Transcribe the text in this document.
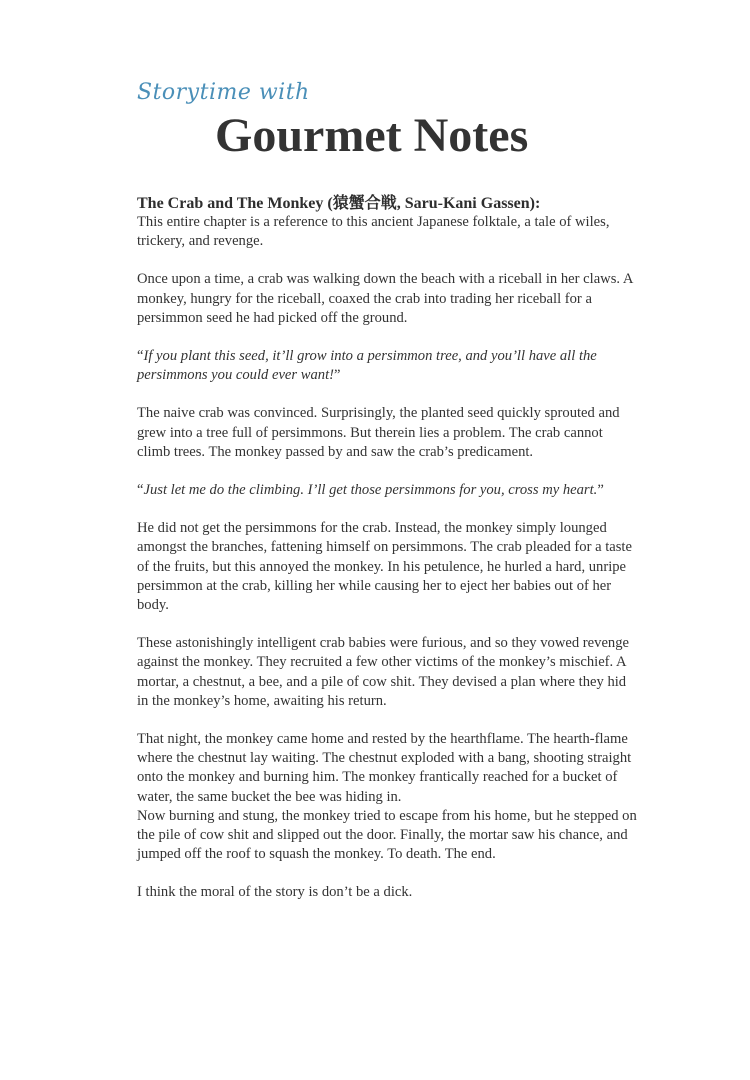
Storytime with
Gourmet Notes
The Crab and The Monkey (猿蟹合戦, Saru-Kani Gassen):

This entire chapter is a reference to this ancient Japanese folktale, a tale of wiles, trickery, and revenge.

Once upon a time, a crab was walking down the beach with a riceball in her claws. A monkey, hungry for the riceball, coaxed the crab into trading her riceball for a persimmon seed he had picked off the ground.

“If you plant this seed, it’ll grow into a persimmon tree, and you’ll have all the persimmons you could ever want!”

The naive crab was convinced. Surprisingly, the planted seed quickly sprouted and grew into a tree full of persimmons. But therein lies a problem. The crab cannot climb trees. The monkey passed by and saw the crab’s predicament.

“Just let me do the climbing. I’ll get those persimmons for you, cross my heart.”

He did not get the persimmons for the crab. Instead, the monkey simply lounged amongst the branches, fattening himself on persimmons. The crab pleaded for a taste of the fruits, but this annoyed the monkey. In his petulence, he hurled a hard, unripe persimmon at the crab, killing her while causing her to eject her babies out of her body.

These astonishingly intelligent crab babies were furious, and so they vowed revenge against the monkey. They recruited a few other victims of the monkey’s mischief. A mortar, a chestnut, a bee, and a pile of cow shit. They devised a plan where they hid in the monkey’s home, awaiting his return.

That night, the monkey came home and rested by the hearthflame. The hearth-flame where the chestnut lay waiting. The chestnut exploded with a bang, shooting straight onto the monkey and burning him. The monkey frantically reached for a bucket of water, the same bucket the bee was hiding in.
Now burning and stung, the monkey tried to escape from his home, but he stepped on the pile of cow shit and slipped out the door. Finally, the mortar saw his chance, and jumped off the roof to squash the monkey. To death. The end.

I think the moral of the story is don’t be a dick.
